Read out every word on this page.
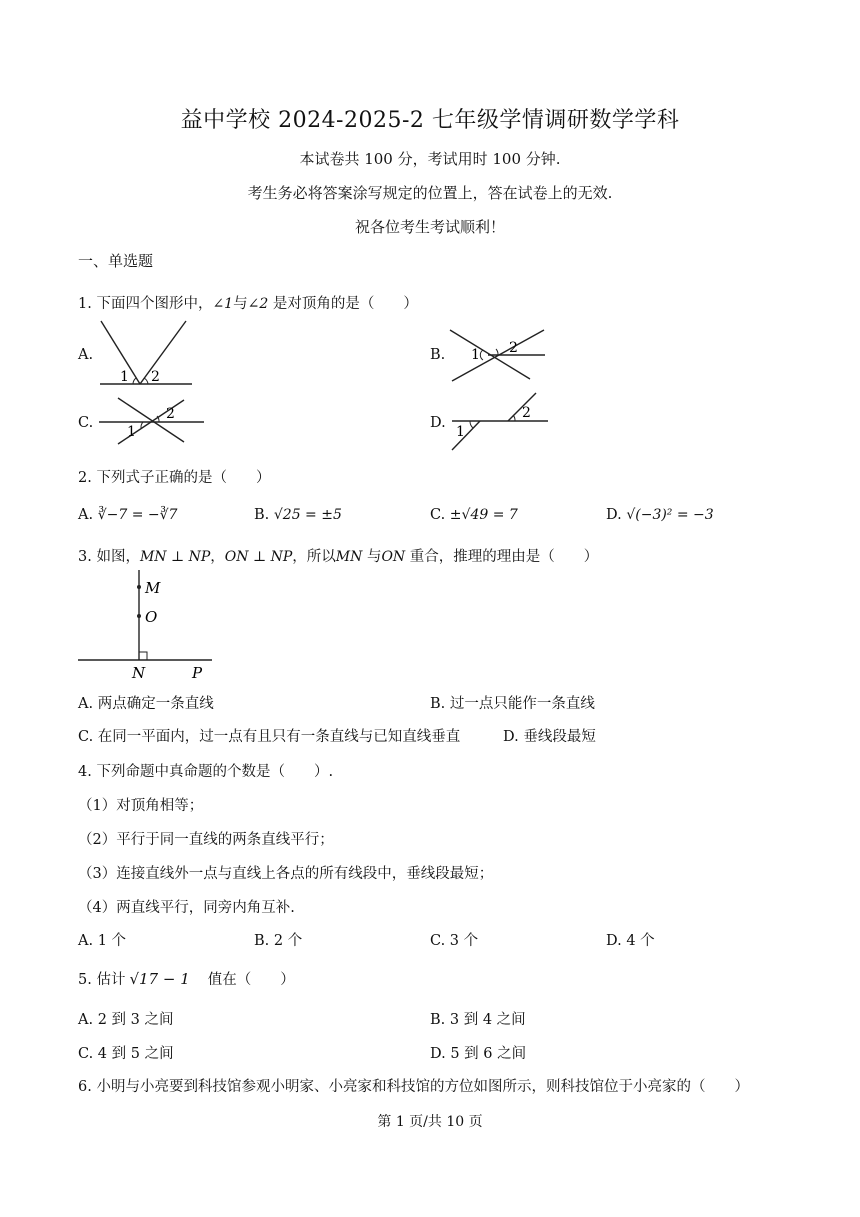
益中学校 2024-2025-2 七年级学情调研数学学科
本试卷共 100 分，考试用时 100 分钟.
考生务必将答案涂写规定的位置上，答在试卷上的无效.
祝各位考生考试顺利！
一、单选题
1. 下面四个图形中，∠1与∠2 是对顶角的是（　　）
A.
1 2
B. 1 2
C.
1
2
D.
1
2
2. 下列式子正确的是（　　）
A. ∛−7 = −∛7	B. √25 = ±5	C. ±√49 = 7	D. √(−3)² = −3
3. 如图，MN ⊥ NP，ON ⊥ NP，所以MN 与ON 重合，推理的理由是（　　）
M
O
N	P
A. 两点确定一条直线	B. 过一点只能作一条直线
C. 在同一平面内，过一点有且只有一条直线与已知直线垂直	D. 垂线段最短
4. 下列命题中真命题的个数是（　　）.
（1）对顶角相等；
（2）平行于同一直线的两条直线平行；
（3）连接直线外一点与直线上各点的所有线段中，垂线段最短；
（4）两直线平行，同旁内角互补.
A. 1 个	B. 2 个	C. 3 个	D. 4 个
5. 估计 √17 − 1 值在（　　）
A. 2 到 3 之间	B. 3 到 4 之间
C. 4 到 5 之间	D. 5 到 6 之间
6. 小明与小亮要到科技馆参观小明家、小亮家和科技馆的方位如图所示，则科技馆位于小亮家的（　　）
第 1 页/共 10 页
